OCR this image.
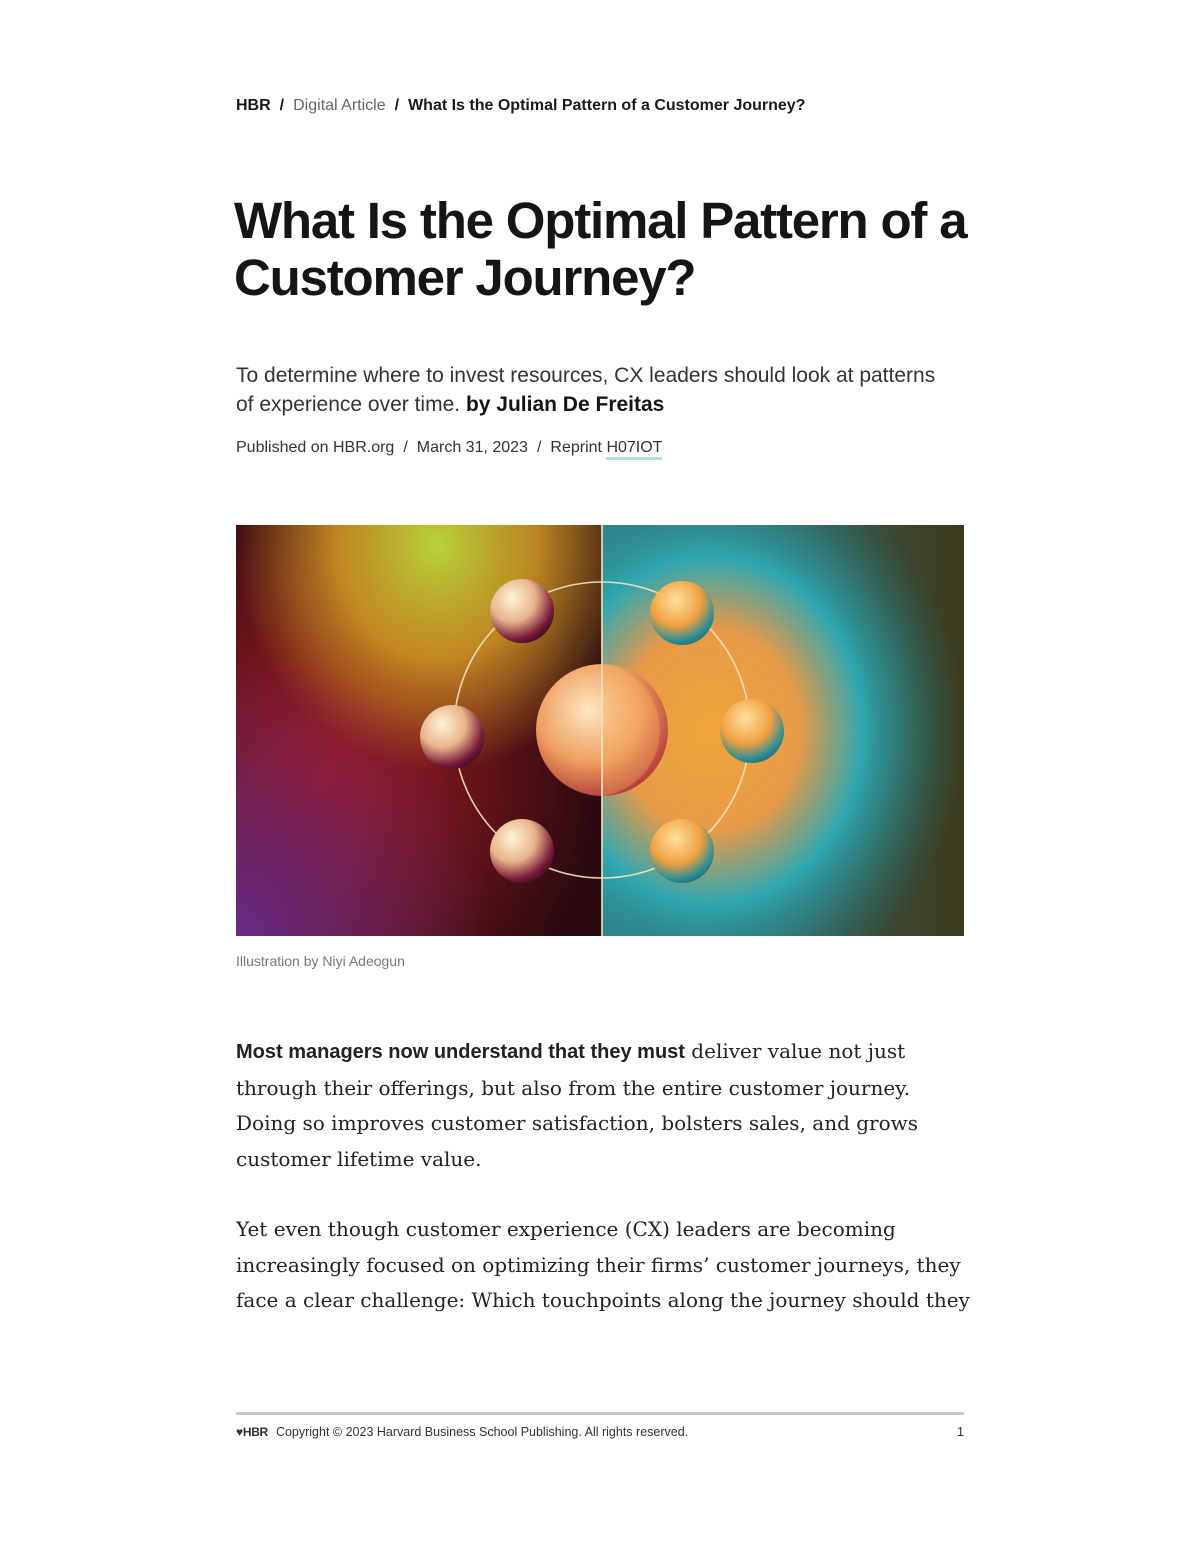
HBR / Digital Article / What Is the Optimal Pattern of a Customer Journey?
What Is the Optimal Pattern of a Customer Journey?

To determine where to invest resources, CX leaders should look at patterns of experience over time. by Julian De Freitas

Published on HBR.org / March 31, 2023 / Reprint H07IOT
Illustration by Niyi Adeogun

Most managers now understand that they must deliver value not just through their offerings, but also from the entire customer journey. Doing so improves customer satisfaction, bolsters sales, and grows customer lifetime value.

Yet even though customer experience (CX) leaders are becoming increasingly focused on optimizing their firms’ customer journeys, they face a clear challenge: Which touchpoints along the journey should they

♥HBR Copyright © 2023 Harvard Business School Publishing. All rights reserved.	1
